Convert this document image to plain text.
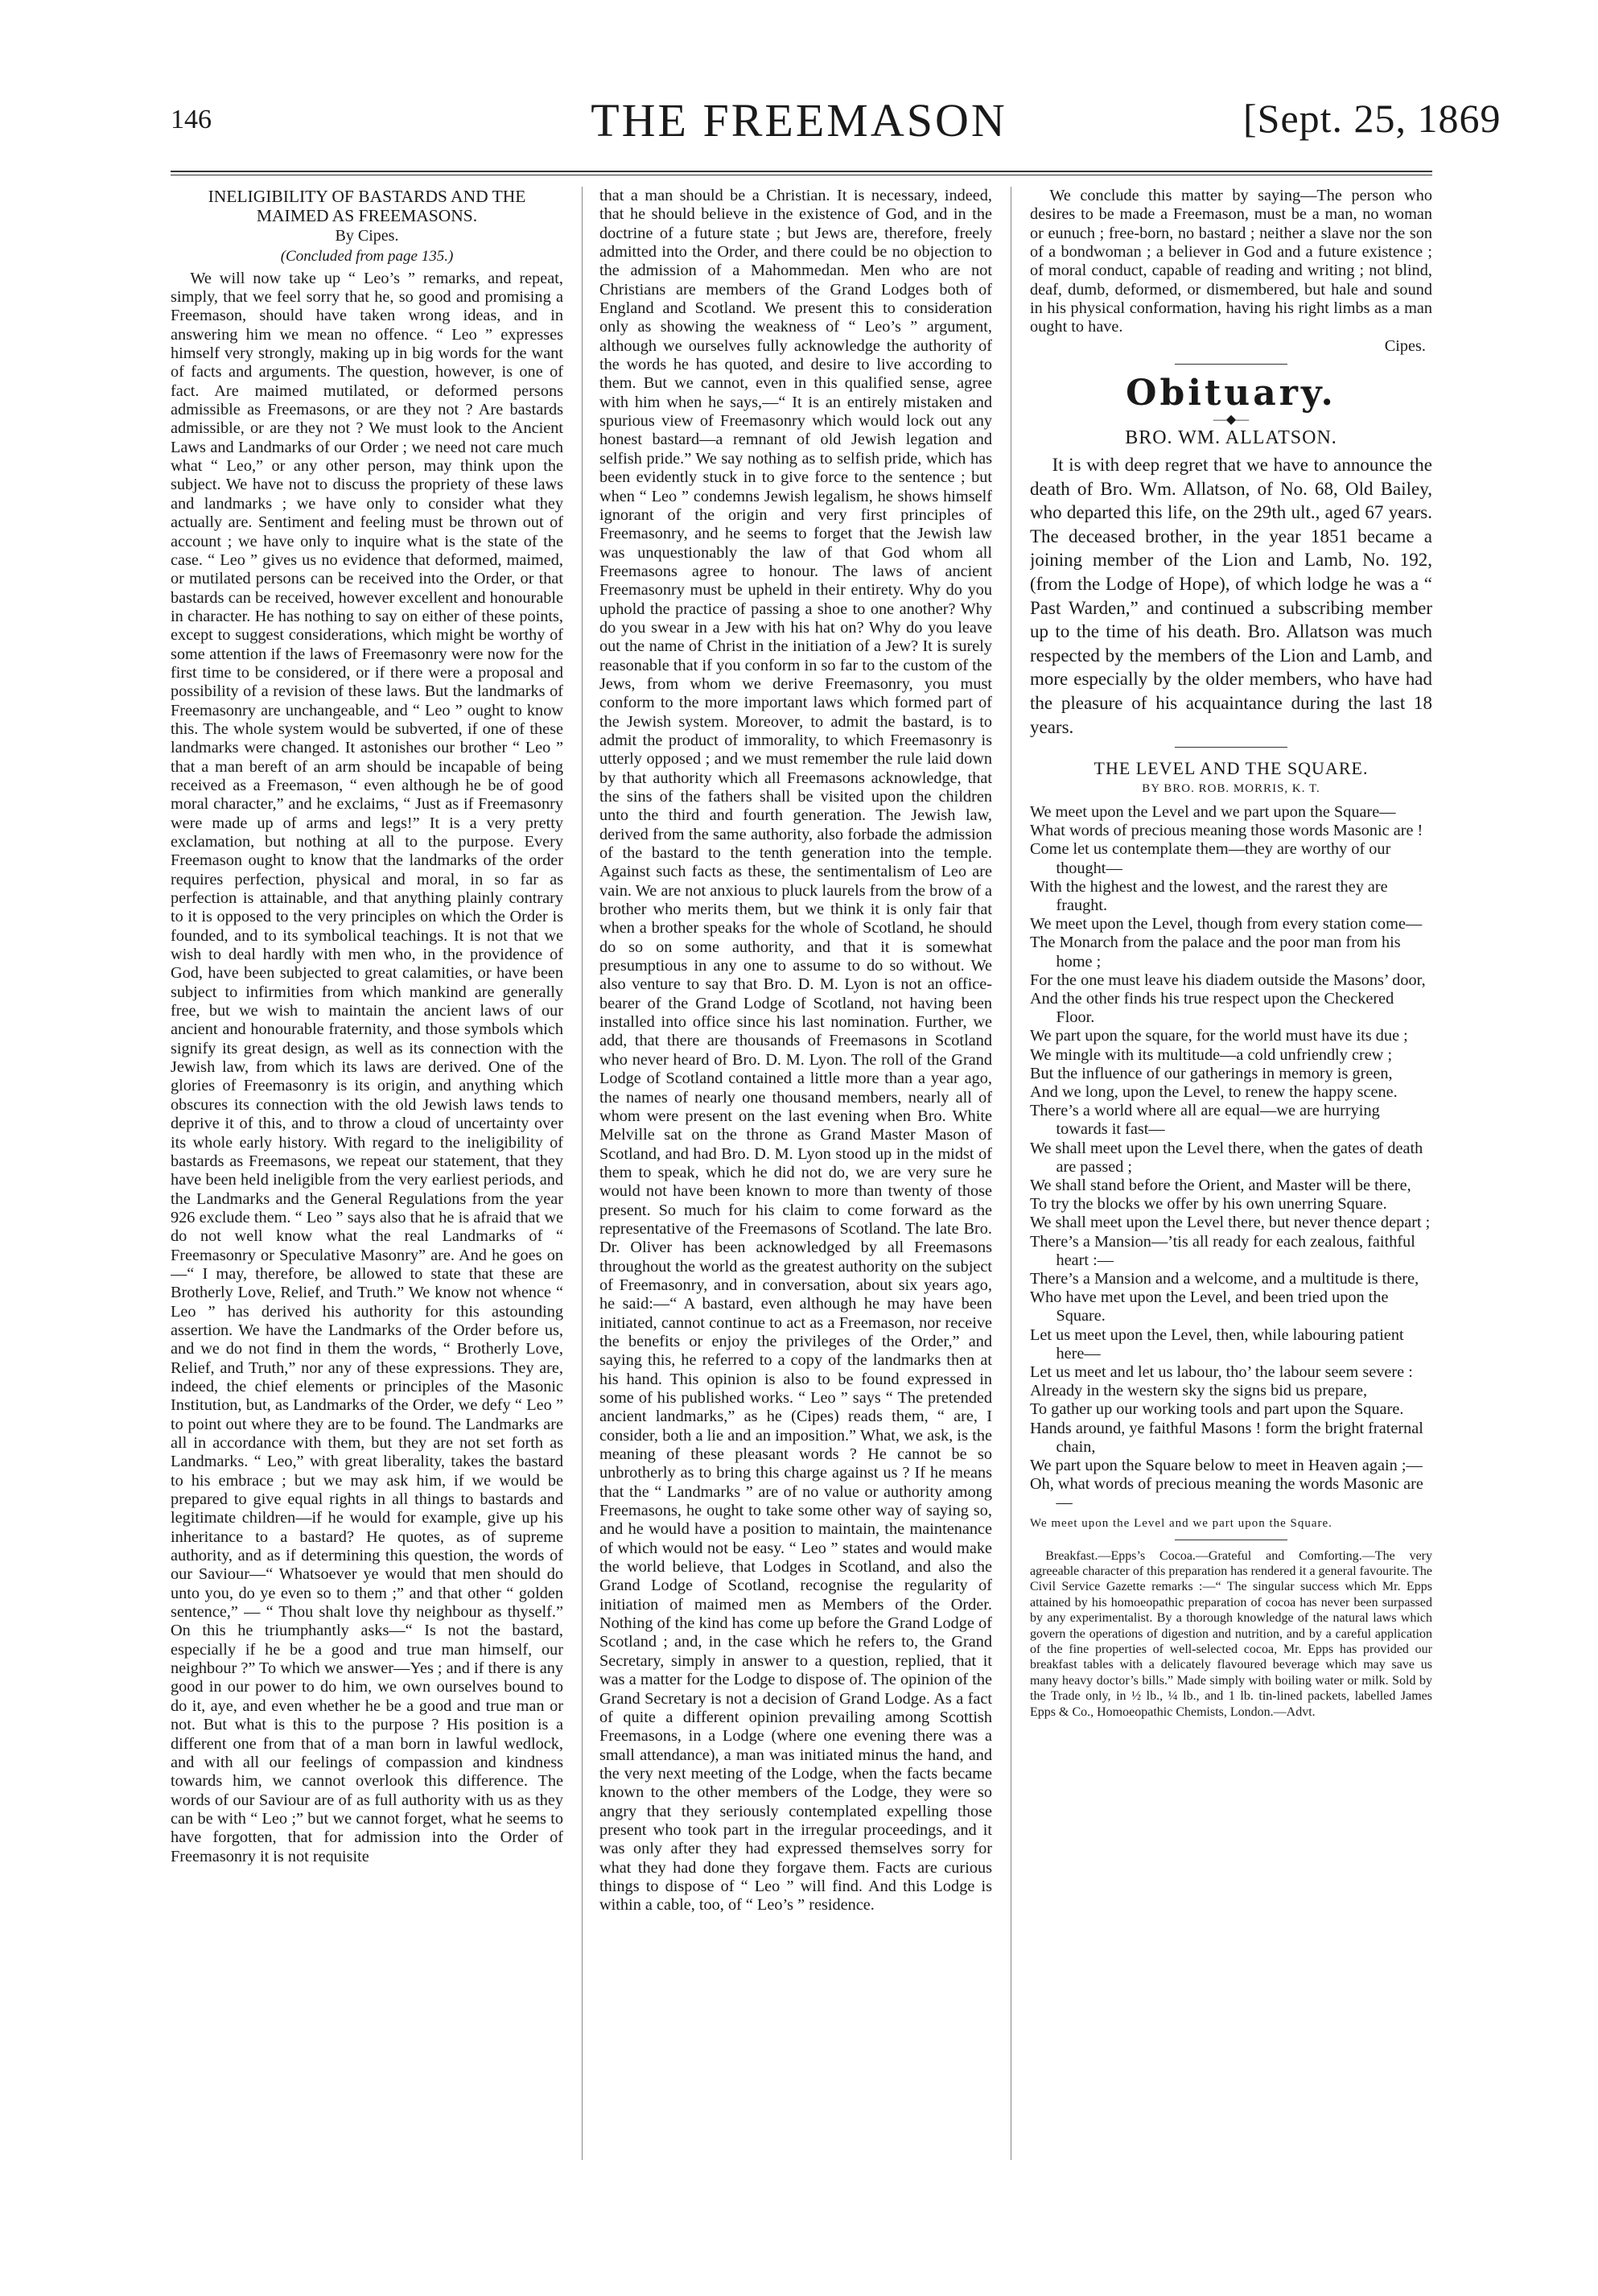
146	THE FREEMASON	[Sept. 25, 1869
INELIGIBILITY OF BASTARDS AND THE MAIMED AS FREEMASONS.
By Cipes.
(Concluded from page 135.)

We will now take up “ Leo’s ” remarks, and repeat, simply, that we feel sorry that he, so good and promising a Freemason, should have taken wrong ideas, and in answering him we mean no offence. “ Leo ” expresses himself very strongly, making up in big words for the want of facts and arguments. The question, however, is one of fact. Are maimed mutilated, or deformed persons admissible as Freemasons, or are they not ? Are bastards admissible, or are they not ? We must look to the Ancient Laws and Landmarks of our Order ; we need not care much what “ Leo,” or any other person, may think upon the subject. We have not to discuss the propriety of these laws and landmarks ; we have only to consider what they actually are. Sentiment and feeling must be thrown out of account ; we have only to inquire what is the state of the case. “ Leo ” gives us no evidence that deformed, maimed, or mutilated persons can be received into the Order, or that bastards can be received, however excellent and honourable in character. He has nothing to say on either of these points, except to suggest considerations, which might be worthy of some attention if the laws of Freemasonry were now for the first time to be considered, or if there were a proposal and possibility of a revision of these laws. But the landmarks of Freemasonry are unchangeable, and “ Leo ” ought to know this. The whole system would be subverted, if one of these landmarks were changed. It astonishes our brother “ Leo ” that a man bereft of an arm should be incapable of being received as a Freemason, “ even although he be of good moral character,” and he exclaims, “ Just as if Freemasonry were made up of arms and legs!” It is a very pretty exclamation, but nothing at all to the purpose. Every Freemason ought to know that the landmarks of the order requires perfection, physical and moral, in so far as perfection is attainable, and that anything plainly contrary to it is opposed to the very principles on which the Order is founded, and to its symbolical teachings. It is not that we wish to deal hardly with men who, in the providence of God, have been subjected to great calamities, or have been subject to infirmities from which mankind are generally free, but we wish to maintain the ancient laws of our ancient and honourable fraternity, and those symbols which signify its great design, as well as its connection with the Jewish law, from which its laws are derived. One of the glories of Freemasonry is its origin, and anything which obscures its connection with the old Jewish laws tends to deprive it of this, and to throw a cloud of uncertainty over its whole early history. With regard to the ineligibility of bastards as Freemasons, we repeat our statement, that they have been held ineligible from the very earliest periods, and the Landmarks and the General Regulations from the year 926 exclude them. “ Leo ” says also that he is afraid that we do not well know what the real Landmarks of “ Freemasonry or Speculative Masonry” are. And he goes on—“ I may, therefore, be allowed to state that these are Brotherly Love, Relief, and Truth.” We know not whence “ Leo ” has derived his authority for this astounding assertion. We have the Landmarks of the Order before us, and we do not find in them the words, “ Brotherly Love, Relief, and Truth,” nor any of these expressions. They are, indeed, the chief elements or principles of the Masonic Institution, but, as Landmarks of the Order, we defy “ Leo ” to point out where they are to be found. The Landmarks are all in accordance with them, but they are not set forth as Landmarks. “ Leo,” with great liberality, takes the bastard to his embrace ; but we may ask him, if we would be prepared to give equal rights in all things to bastards and legitimate children—if he would for example, give up his inheritance to a bastard? He quotes, as of supreme authority, and as if determining this question, the words of our Saviour—“ Whatsoever ye would that men should do unto you, do ye even so to them ;” and that other “ golden sentence,” — “ Thou shalt love thy neighbour as thyself.” On this he triumphantly asks—“ Is not the bastard, especially if he be a good and true man himself, our neighbour ?” To which we answer—Yes ; and if there is any good in our power to do him, we own ourselves bound to do it, aye, and even whether he be a good and true man or not. But what is this to the purpose ? His position is a different one from that of a man born in lawful wedlock, and with all our feelings of compassion and kindness towards him, we cannot overlook this difference. The words of our Saviour are of as full authority with us as they can be with “ Leo ;” but we cannot forget, what he seems to have forgotten, that for admission into the Order of Freemasonry it is not requisite

that a man should be a Christian. It is necessary, indeed, that he should believe in the existence of God, and in the doctrine of a future state ; but Jews are, therefore, freely admitted into the Order, and there could be no objection to the admission of a Mahommedan. Men who are not Christians are members of the Grand Lodges both of England and Scotland. We present this to consideration only as showing the weakness of “ Leo’s ” argument, although we ourselves fully acknowledge the authority of the words he has quoted, and desire to live according to them. But we cannot, even in this qualified sense, agree with him when he says,—“ It is an entirely mistaken and spurious view of Freemasonry which would lock out any honest bastard—a remnant of old Jewish legation and selfish pride.” We say nothing as to selfish pride, which has been evidently stuck in to give force to the sentence ; but when “ Leo ” condemns Jewish legalism, he shows himself ignorant of the origin and very first principles of Freemasonry, and he seems to forget that the Jewish law was unquestionably the law of that God whom all Freemasons agree to honour. The laws of ancient Freemasonry must be upheld in their entirety. Why do you uphold the practice of passing a shoe to one another? Why do you swear in a Jew with his hat on? Why do you leave out the name of Christ in the initiation of a Jew? It is surely reasonable that if you conform in so far to the custom of the Jews, from whom we derive Freemasonry, you must conform to the more important laws which formed part of the Jewish system. Moreover, to admit the bastard, is to admit the product of immorality, to which Freemasonry is utterly opposed ; and we must remember the rule laid down by that authority which all Freemasons acknowledge, that the sins of the fathers shall be visited upon the children unto the third and fourth generation. The Jewish law, derived from the same authority, also forbade the admission of the bastard to the tenth generation into the temple. Against such facts as these, the sentimentalism of Leo are vain. We are not anxious to pluck laurels from the brow of a brother who merits them, but we think it is only fair that when a brother speaks for the whole of Scotland, he should do so on some authority, and that it is somewhat presumptious in any one to assume to do so without. We also venture to say that Bro. D. M. Lyon is not an office-bearer of the Grand Lodge of Scotland, not having been installed into office since his last nomination. Further, we add, that there are thousands of Freemasons in Scotland who never heard of Bro. D. M. Lyon. The roll of the Grand Lodge of Scotland contained a little more than a year ago, the names of nearly one thousand members, nearly all of whom were present on the last evening when Bro. White Melville sat on the throne as Grand Master Mason of Scotland, and had Bro. D. M. Lyon stood up in the midst of them to speak, which he did not do, we are very sure he would not have been known to more than twenty of those present. So much for his claim to come forward as the representative of the Freemasons of Scotland. The late Bro. Dr. Oliver has been acknowledged by all Freemasons throughout the world as the greatest authority on the subject of Freemasonry, and in conversation, about six years ago, he said:—“ A bastard, even although he may have been initiated, cannot continue to act as a Freemason, nor receive the benefits or enjoy the privileges of the Order,” and saying this, he referred to a copy of the landmarks then at his hand. This opinion is also to be found expressed in some of his published works. “ Leo ” says “ The pretended ancient landmarks,” as he (Cipes) reads them, “ are, I consider, both a lie and an imposition.” What, we ask, is the meaning of these pleasant words ? He cannot be so unbrotherly as to bring this charge against us ? If he means that the “ Landmarks ” are of no value or authority among Freemasons, he ought to take some other way of saying so, and he would have a position to maintain, the maintenance of which would not be easy. “ Leo ” states and would make the world believe, that Lodges in Scotland, and also the Grand Lodge of Scotland, recognise the regularity of initiation of maimed men as Members of the Order. Nothing of the kind has come up before the Grand Lodge of Scotland ; and, in the case which he refers to, the Grand Secretary, simply in answer to a question, replied, that it was a matter for the Lodge to dispose of. The opinion of the Grand Secretary is not a decision of Grand Lodge. As a fact of quite a different opinion prevailing among Scottish Freemasons, in a Lodge (where one evening there was a small attendance), a man was initiated minus the hand, and the very next meeting of the Lodge, when the facts became known to the other members of the Lodge, they were so angry that they seriously contemplated expelling those present who took part in the irregular proceedings, and it was only after they had expressed themselves sorry for what they had done they forgave them. Facts are curious things to dispose of “ Leo ” will find. And this Lodge is within a cable, too, of “ Leo’s ” residence.

We conclude this matter by saying—The person who desires to be made a Freemason, must be a man, no woman or eunuch ; free-born, no bastard ; neither a slave nor the son of a bondwoman ; a believer in God and a future existence ; of moral conduct, capable of reading and writing ; not blind, deaf, dumb, deformed, or dismembered, but hale and sound in his physical conformation, having his right limbs as a man ought to have.

Cipes.
Obituary.
—◆—
BRO. WM. ALLATSON.

It is with deep regret that we have to announce the death of Bro. Wm. Allatson, of No. 68, Old Bailey, who departed this life, on the 29th ult., aged 67 years. The deceased brother, in the year 1851 became a joining member of the Lion and Lamb, No. 192, (from the Lodge of Hope), of which lodge he was a “ Past Warden,” and continued a subscribing member up to the time of his death. Bro. Allatson was much respected by the members of the Lion and Lamb, and more especially by the older members, who have had the pleasure of his acquaintance during the last 18 years.

THE LEVEL AND THE SQUARE.
BY BRO. ROB. MORRIS, K. T.

We meet upon the Level and we part upon the Square—

What words of precious meaning those words Masonic are !

Come let us contemplate them—they are worthy of our thought—

With the highest and the lowest, and the rarest they are fraught.

We meet upon the Level, though from every station come—

The Monarch from the palace and the poor man from his home ;

For the one must leave his diadem outside the Masons’ door,

And the other finds his true respect upon the Checkered Floor.

We part upon the square, for the world must have its due ;

We mingle with its multitude—a cold unfriendly crew ;

But the influence of our gatherings in memory is green,

And we long, upon the Level, to renew the happy scene.

There’s a world where all are equal—we are hurrying towards it fast—

We shall meet upon the Level there, when the gates of death are passed ;

We shall stand before the Orient, and Master will be there,

To try the blocks we offer by his own unerring Square.

We shall meet upon the Level there, but never thence depart ;

There’s a Mansion—’tis all ready for each zealous, faithful heart :—

There’s a Mansion and a welcome, and a multitude is there,

Who have met upon the Level, and been tried upon the Square.

Let us meet upon the Level, then, while labouring patient here—

Let us meet and let us labour, tho’ the labour seem severe :

Already in the western sky the signs bid us prepare,

To gather up our working tools and part upon the Square.

Hands around, ye faithful Masons ! form the bright fraternal chain,

We part upon the Square below to meet in Heaven again ;—

Oh, what words of precious meaning the words Masonic are—

We meet upon the Level and we part upon the Square.

Breakfast.—Epps’s Cocoa.—Grateful and Comforting.—The very agreeable character of this preparation has rendered it a general favourite. The Civil Service Gazette remarks :—“ The singular success which Mr. Epps attained by his homoeopathic preparation of cocoa has never been surpassed by any experimentalist. By a thorough knowledge of the natural laws which govern the operations of digestion and nutrition, and by a careful application of the fine properties of well-selected cocoa, Mr. Epps has provided our breakfast tables with a delicately flavoured beverage which may save us many heavy doctor’s bills.” Made simply with boiling water or milk. Sold by the Trade only, in ½ lb., ¼ lb., and 1 lb. tin-lined packets, labelled James Epps & Co., Homoeopathic Chemists, London.—Advt.
